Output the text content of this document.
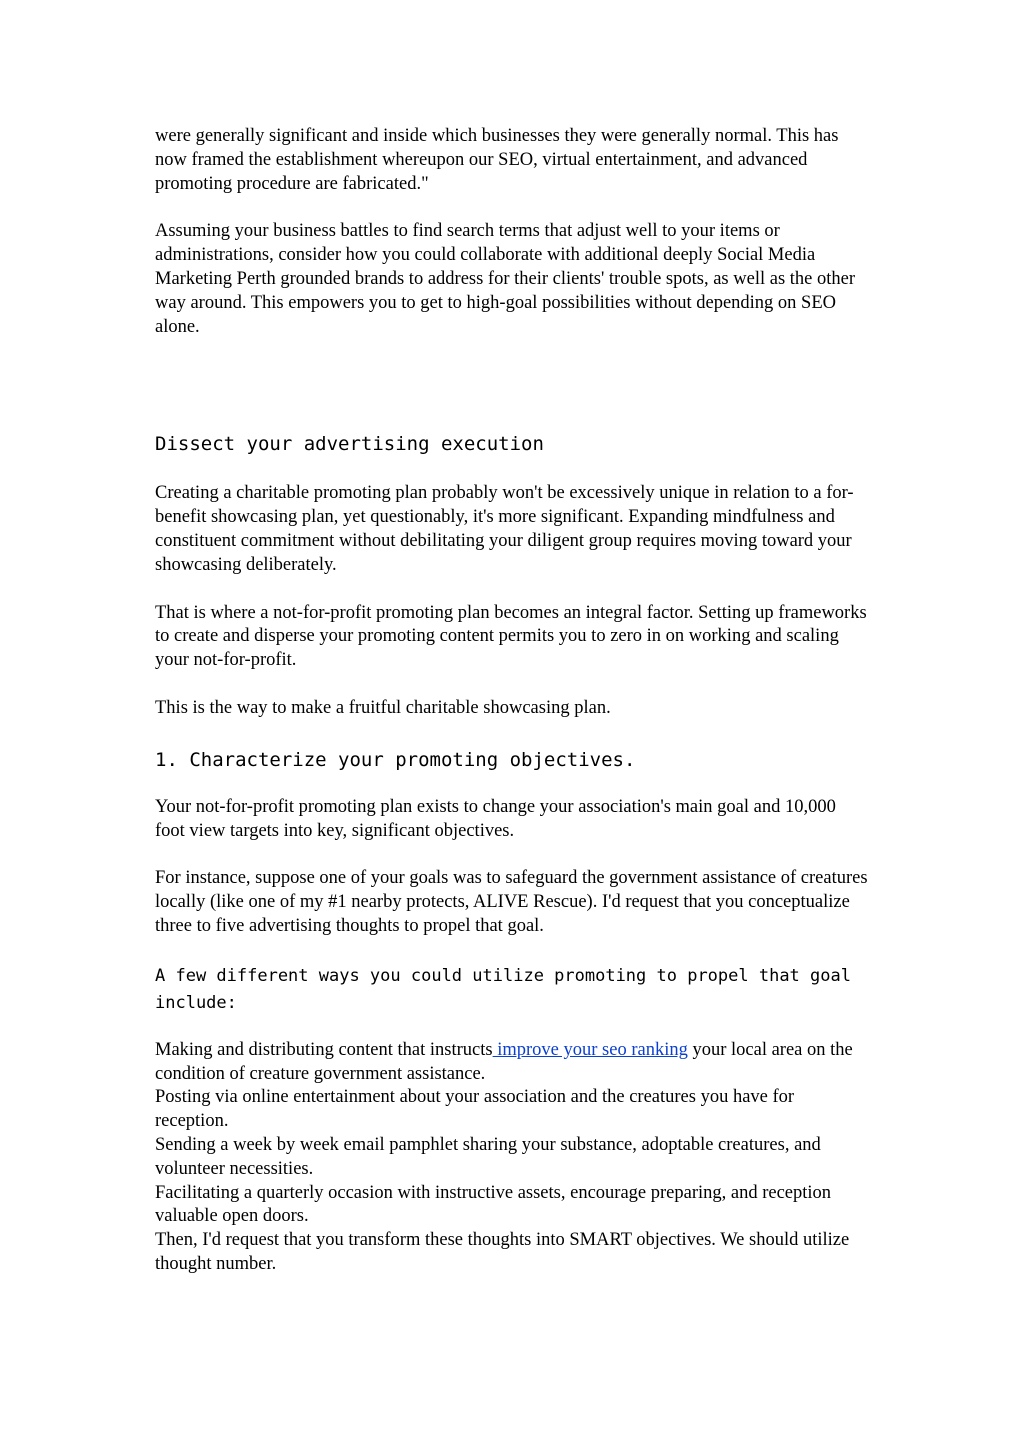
were generally significant and inside which businesses they were generally normal. This has now framed the establishment whereupon our SEO, virtual entertainment, and advanced promoting procedure are fabricated."

Assuming your business battles to find search terms that adjust well to your items or administrations, consider how you could collaborate with additional deeply Social Media Marketing Perth grounded brands to address for their clients' trouble spots, as well as the other way around. This empowers you to get to high-goal possibilities without depending on SEO alone.

Dissect your advertising execution

Creating a charitable promoting plan probably won't be excessively unique in relation to a for-benefit showcasing plan, yet questionably, it's more significant. Expanding mindfulness and constituent commitment without debilitating your diligent group requires moving toward your showcasing deliberately.

That is where a not-for-profit promoting plan becomes an integral factor. Setting up frameworks to create and disperse your promoting content permits you to zero in on working and scaling your not-for-profit.

This is the way to make a fruitful charitable showcasing plan.

1. Characterize your promoting objectives.

Your not-for-profit promoting plan exists to change your association's main goal and 10,000 foot view targets into key, significant objectives.

For instance, suppose one of your goals was to safeguard the government assistance of creatures locally (like one of my #1 nearby protects, ALIVE Rescue). I'd request that you conceptualize three to five advertising thoughts to propel that goal.

A few different ways you could utilize promoting to propel that goal include:

Making and distributing content that instructs improve your seo ranking your local area on the condition of creature government assistance.

Posting via online entertainment about your association and the creatures you have for reception.

Sending a week by week email pamphlet sharing your substance, adoptable creatures, and volunteer necessities.

Facilitating a quarterly occasion with instructive assets, encourage preparing, and reception valuable open doors.

Then, I'd request that you transform these thoughts into SMART objectives. We should utilize thought number.
